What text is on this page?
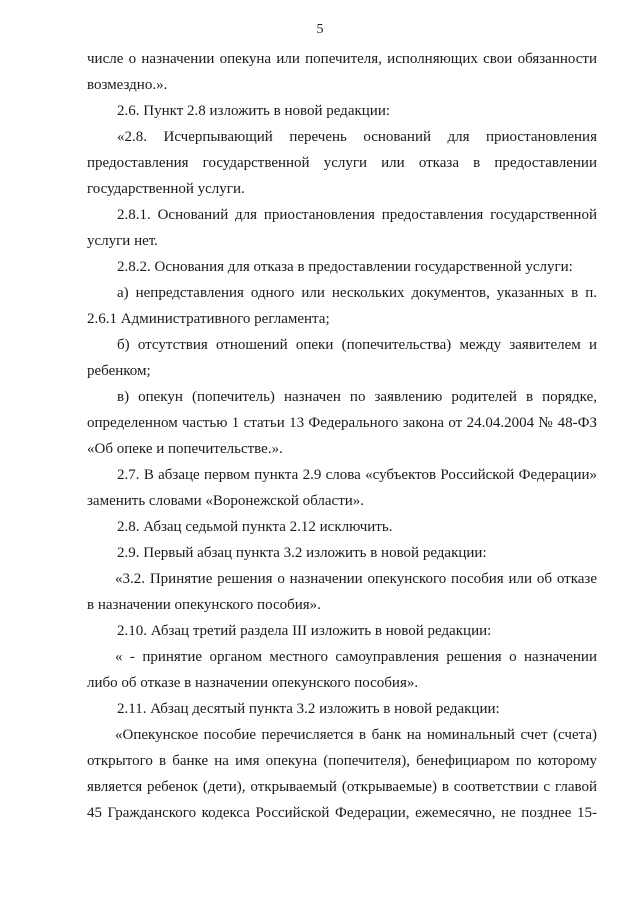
5
числе о назначении опекуна или попечителя, исполняющих свои обязанности
возмездно.».
2.6. Пункт 2.8 изложить в новой редакции:
«2.8. Исчерпывающий перечень оснований для приостановления
предоставления государственной услуги или отказа в предоставлении
государственной услуги.
2.8.1. Оснований для приостановления предоставления государственной
услуги нет.
2.8.2. Основания для отказа в предоставлении государственной услуги:
а) непредставления одного или нескольких документов, указанных в п.
2.6.1 Административного регламента;
б) отсутствия отношений опеки (попечительства) между заявителем и
ребенком;
в) опекун (попечитель) назначен по заявлению родителей в порядке,
определенном частью 1 статьи 13 Федерального закона от 24.04.2004 № 48-ФЗ
«Об опеке и попечительстве.».
2.7. В абзаце первом пункта 2.9 слова «субъектов Российской Федерации»
заменить словами «Воронежской области».
2.8. Абзац седьмой пункта 2.12 исключить.
2.9. Первый абзац пункта 3.2 изложить в новой редакции:
«3.2. Принятие решения о назначении опекунского пособия или об отказе
в назначении опекунского пособия».
2.10. Абзац третий раздела III изложить в новой редакции:
« - принятие органом местного самоуправления решения о назначении
либо об отказе в назначении опекунского пособия».
2.11. Абзац десятый пункта 3.2 изложить в новой редакции:
«Опекунское пособие перечисляется в банк на номинальный счет (счета)
открытого в банке на имя опекуна (попечителя), бенефициаром по которому
является ребенок (дети), открываемый (открываемые) в соответствии с главой
45 Гражданского кодекса Российской Федерации, ежемесячно, не позднее 15-
